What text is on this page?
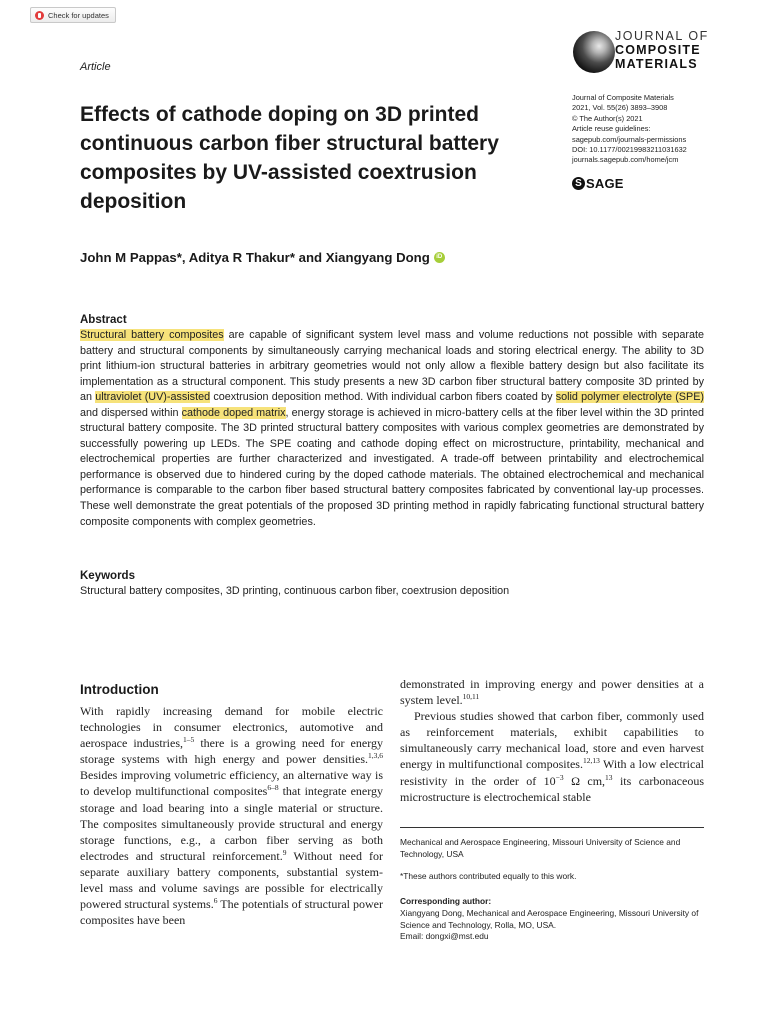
Check for updates
Article
JOURNAL OF
COMPOSITE
MATERIALS
Journal of Composite Materials
2021, Vol. 55(26) 3893–3908
© The Author(s) 2021
Article reuse guidelines:
sagepub.com/journals-permissions
DOI: 10.1177/00219983211031632
journals.sagepub.com/home/jcm
S SAGE
Effects of cathode doping on 3D printed continuous carbon fiber structural battery composites by UV-assisted coextrusion deposition
John M Pappas*, Aditya R Thakur* and Xiangyang Dong	iD
Abstract

Structural battery composites are capable of significant system level mass and volume reductions not possible with separate battery and structural components by simultaneously carrying mechanical loads and storing electrical energy. The ability to 3D print lithium-ion structural batteries in arbitrary geometries would not only allow a flexible battery design but also facilitate its implementation as a structural component. This study presents a new 3D carbon fiber structural battery composite 3D printed by an ultraviolet (UV)-assisted coextrusion deposition method. With individual carbon fibers coated by solid polymer electrolyte (SPE) and dispersed within cathode doped matrix, energy storage is achieved in micro-battery cells at the fiber level within the 3D printed structural battery composite. The 3D printed structural battery composites with various complex geometries are demonstrated by successfully powering up LEDs. The SPE coating and cathode doping effect on microstructure, printability, mechanical and electrochemical properties are further characterized and investigated. A trade-off between printability and electrochemical performance is observed due to hindered curing by the doped cathode materials. The obtained electrochemical and mechanical performance is comparable to the carbon fiber based structural battery composites fabricated by conventional lay-up processes. These well demonstrate the great potentials of the proposed 3D printing method in rapidly fabricating functional structural battery composite components with complex geometries.

Keywords
Structural battery composites, 3D printing, continuous carbon fiber, coextrusion deposition
Introduction

With rapidly increasing demand for mobile electric technologies in consumer electronics, automotive and aerospace industries,$^{1-5}$ there is a growing need for energy storage systems with high energy and power densities.$^{1,3,6}$ Besides improving volumetric efficiency, an alternative way is to develop multifunctional composites$^{6-8}$ that integrate energy storage and load bearing into a single material or structure. The composites simultaneously provide structural and energy storage functions, e.g., a carbon fiber serving as both electrodes and structural reinforcement.$^9$ Without need for separate auxiliary battery components, substantial system-level mass and volume savings are possible for electrically powered structural systems.$^6$ The potentials of structural power composites have been

demonstrated in improving energy and power densities at a system level.$^{10,11}$

Previous studies showed that carbon fiber, commonly used as reinforcement materials, exhibit capabilities to simultaneously carry mechanical load, store and even harvest energy in multifunctional composites.$^{12,13}$ With a low electrical resistivity in the order of $10^{-3}$ Ω cm,$^{13}$ its carbonaceous microstructure is electrochemical stable

Mechanical and Aerospace Engineering, Missouri University of Science and Technology, USA
*These authors contributed equally to this work.
Corresponding author:
Xiangyang Dong, Mechanical and Aerospace Engineering, Missouri University of Science and Technology, Rolla, MO, USA.
Email: dongxi@mst.edu
